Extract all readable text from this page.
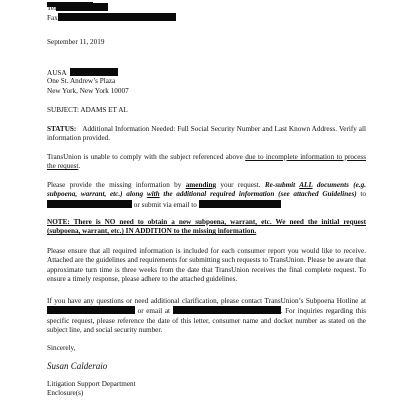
Tel
Fax
September 11, 2019
AUSA
One St. Andrew’s Plaza
New York, New York 10007
SUBJECT: ADAMS ET AL
STATUS: Additional Information Needed: Full Social Security Number and Last Known Address. Verify all information provided.
TransUnion is unable to comply with the subject referenced above due to incomplete information to process the request.
Please provide the missing information by amending your request. Re-submit ALL documents (e.g. subpoena, warrant, etc.) along with the additional required information (see attached Guidelines) to  or submit via email to
NOTE: There is NO need to obtain a new subpoena, warrant, etc. We need the initial request (subpoena, warrant, etc.) IN ADDITION to the missing information.
Please ensure that all required information is included for each consumer report you would like to receive. Attached are the guidelines and requirements for submitting such requests to TransUnion. Please be aware that approximate turn time is three weeks from the date that TransUnion receives the final complete request. To ensure a timely response, please adhere to the attached guidelines.
If you have any questions or need additional clarification, please contact TransUnion’s Subpoena Hotline at  or email at	. For inquiries regarding this specific request, please reference the date of this letter, consumer name and docket number as stated on the subject line, and social security number.
Sincerely,
Susan Calderaio
Litigation Support Department
Enclosure(s)
